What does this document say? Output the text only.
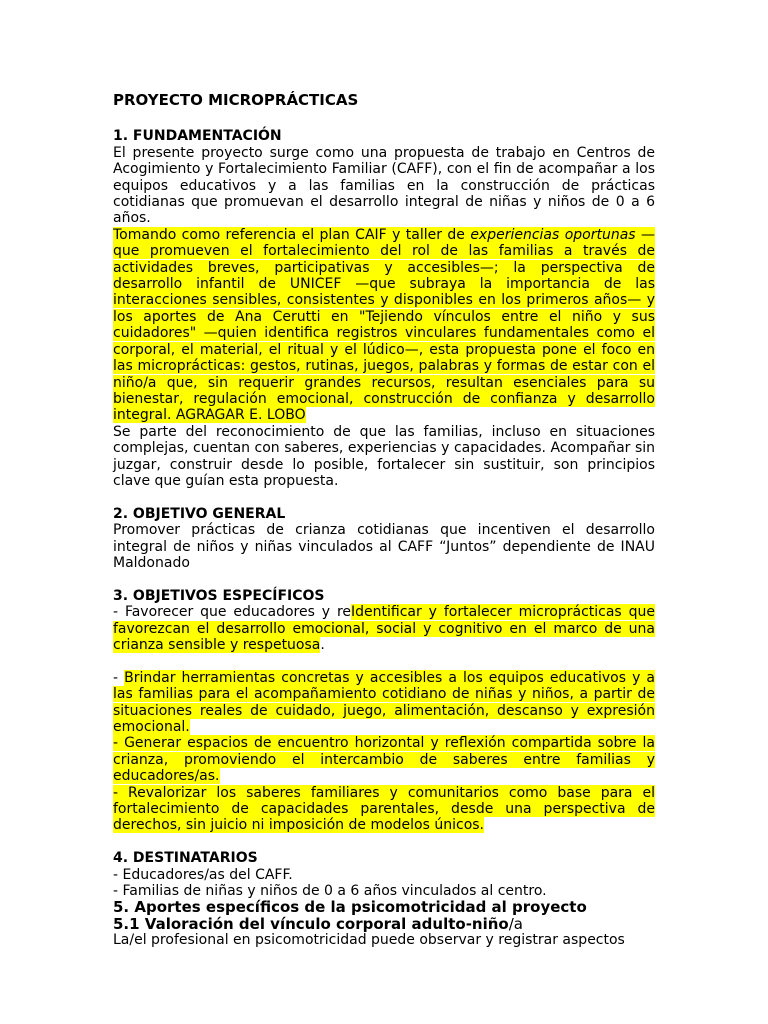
PROYECTO MICROPRÁCTICAS
1. FUNDAMENTACIÓN

El presente proyecto surge como una propuesta de trabajo en Centros de Acogimiento y Fortalecimiento Familiar (CAFF), con el fin de acompañar a los equipos educativos y a las familias en la construcción de prácticas cotidianas que promuevan el desarrollo integral de niñas y niños de 0 a 6 años.

Tomando como referencia el plan CAIF y taller de experiencias oportunas —que promueven el fortalecimiento del rol de las familias a través de actividades breves, participativas y accesibles—; la perspectiva de desarrollo infantil de UNICEF —que subraya la importancia de las interacciones sensibles, consistentes y disponibles en los primeros años— y los aportes de Ana Cerutti en "Tejiendo vínculos entre el niño y sus cuidadores" —quien identifica registros vinculares fundamentales como el corporal, el material, el ritual y el lúdico—, esta propuesta pone el foco en las microprácticas: gestos, rutinas, juegos, palabras y formas de estar con el niño/a que, sin requerir grandes recursos, resultan esenciales para su bienestar, regulación emocional, construcción de confianza y desarrollo integral. AGRAGAR E. LOBO

Se parte del reconocimiento de que las familias, incluso en situaciones complejas, cuentan con saberes, experiencias y capacidades. Acompañar sin juzgar, construir desde lo posible, fortalecer sin sustituir, son principios clave que guían esta propuesta.

2. OBJETIVO GENERAL

Promover prácticas de crianza cotidianas que incentiven el desarrollo integral de niños y niñas vinculados al CAFF “Juntos” dependiente de INAU Maldonado

3. OBJETIVOS ESPECÍFICOS

- Favorecer que educadores y reIdentificar y fortalecer microprácticas que favorezcan el desarrollo emocional, social y cognitivo en el marco de una crianza sensible y respetuosa.

- Brindar herramientas concretas y accesibles a los equipos educativos y a las familias para el acompañamiento cotidiano de niñas y niños, a partir de situaciones reales de cuidado, juego, alimentación, descanso y expresión emocional.

- Generar espacios de encuentro horizontal y reflexión compartida sobre la crianza, promoviendo el intercambio de saberes entre familias y educadores/as.

- Revalorizar los saberes familiares y comunitarios como base para el fortalecimiento de capacidades parentales, desde una perspectiva de derechos, sin juicio ni imposición de modelos únicos.

4. DESTINATARIOS

- Educadores/as del CAFF.

- Familias de niñas y niños de 0 a 6 años vinculados al centro.

5. Aportes específicos de la psicomotricidad al proyecto
5.1 Valoración del vínculo corporal adulto-niño/a

La/el profesional en psicomotricidad puede observar y registrar aspectos
